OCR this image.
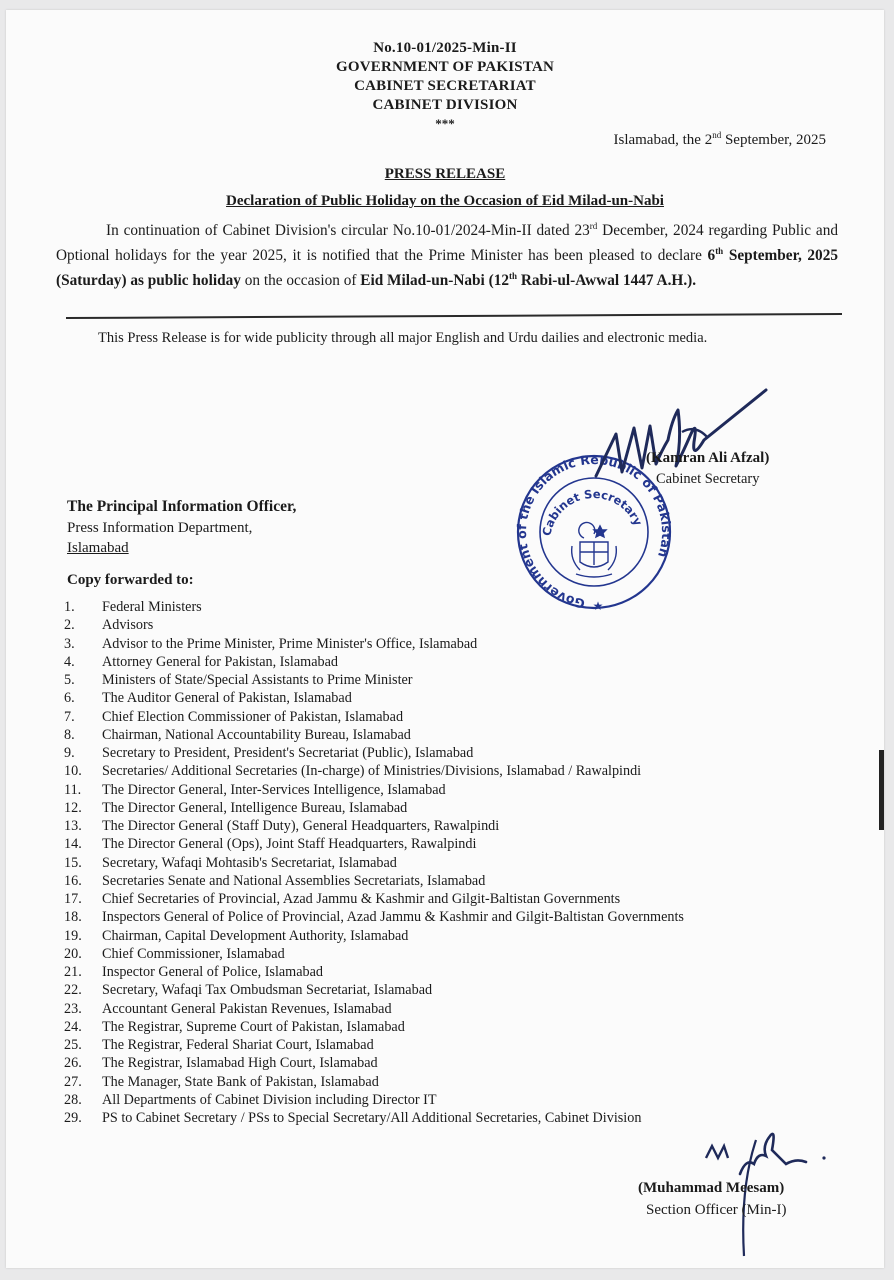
No.10-01/2025-Min-II
GOVERNMENT OF PAKISTAN
CABINET SECRETARIAT
CABINET DIVISION
***
Islamabad, the 2nd September, 2025
PRESS RELEASE
Declaration of Public Holiday on the Occasion of Eid Milad-un-Nabi
In continuation of Cabinet Division's circular No.10-01/2024-Min-II dated 23rd December, 2024 regarding Public and Optional holidays for the year 2025, it is notified that the Prime Minister has been pleased to declare 6th September, 2025 (Saturday) as public holiday on the occasion of Eid Milad-un-Nabi (12th Rabi-ul-Awwal 1447 A.H.).
This Press Release is for wide publicity through all major English and Urdu dailies and electronic media.
Government of the Islamic Republic of Pakistan
Cabinet Secretary
★
(Kamran Ali Afzal)
Cabinet Secretary
The Principal Information Officer,
Press Information Department,
Islamabad
Copy forwarded to:
1. Federal Ministers
2. Advisors
3. Advisor to the Prime Minister, Prime Minister's Office, Islamabad
4. Attorney General for Pakistan, Islamabad
5. Ministers of State/Special Assistants to Prime Minister
6. The Auditor General of Pakistan, Islamabad
7. Chief Election Commissioner of Pakistan, Islamabad
8. Chairman, National Accountability Bureau, Islamabad
9. Secretary to President, President's Secretariat (Public), Islamabad
10. Secretaries/ Additional Secretaries (In-charge) of Ministries/Divisions, Islamabad / Rawalpindi
11. The Director General, Inter-Services Intelligence, Islamabad
12. The Director General, Intelligence Bureau, Islamabad
13. The Director General (Staff Duty), General Headquarters, Rawalpindi
14. The Director General (Ops), Joint Staff Headquarters, Rawalpindi
15. Secretary, Wafaqi Mohtasib's Secretariat, Islamabad
16. Secretaries Senate and National Assemblies Secretariats, Islamabad
17. Chief Secretaries of Provincial, Azad Jammu & Kashmir and Gilgit-Baltistan Governments
18. Inspectors General of Police of Provincial, Azad Jammu & Kashmir and Gilgit-Baltistan Governments
19. Chairman, Capital Development Authority, Islamabad
20. Chief Commissioner, Islamabad
21. Inspector General of Police, Islamabad
22. Secretary, Wafaqi Tax Ombudsman Secretariat, Islamabad
23. Accountant General Pakistan Revenues, Islamabad
24. The Registrar, Supreme Court of Pakistan, Islamabad
25. The Registrar, Federal Shariat Court, Islamabad
26. The Registrar, Islamabad High Court, Islamabad
27. The Manager, State Bank of Pakistan, Islamabad
28. All Departments of Cabinet Division including Director IT
29. PS to Cabinet Secretary / PSs to Special Secretary/All Additional Secretaries, Cabinet Division
(Muhammad Meesam)
Section Officer (Min-I)
